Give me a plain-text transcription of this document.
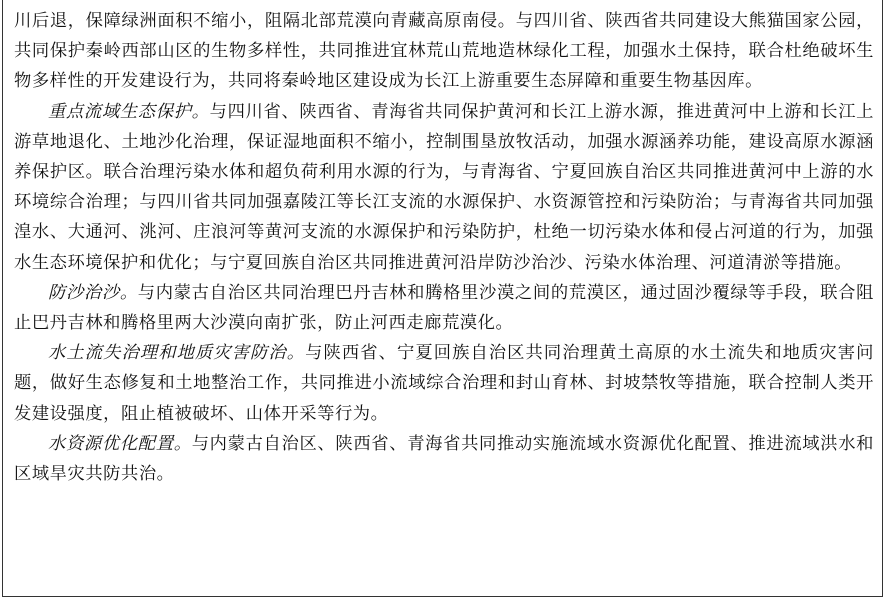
川后退，保障绿洲面积不缩小，阻隔北部荒漠向青藏高原南侵。与四川省、陕西省共同建设大熊猫国家公园，共同保护秦岭西部山区的生物多样性，共同推进宜林荒山荒地造林绿化工程，加强水土保持，联合杜绝破坏生物多样性的开发建设行为，共同将秦岭地区建设成为长江上游重要生态屏障和重要生物基因库。

重点流域生态保护。与四川省、陕西省、青海省共同保护黄河和长江上游水源，推进黄河中上游和长江上游草地退化、土地沙化治理，保证湿地面积不缩小，控制围垦放牧活动，加强水源涵养功能，建设高原水源涵养保护区。联合治理污染水体和超负荷利用水源的行为，与青海省、宁夏回族自治区共同推进黄河中上游的水环境综合治理；与四川省共同加强嘉陵江等长江支流的水源保护、水资源管控和污染防治；与青海省共同加强湟水、大通河、洮河、庄浪河等黄河支流的水源保护和污染防护，杜绝一切污染水体和侵占河道的行为，加强水生态环境保护和优化；与宁夏回族自治区共同推进黄河沿岸防沙治沙、污染水体治理、河道清淤等措施。

防沙治沙。与内蒙古自治区共同治理巴丹吉林和腾格里沙漠之间的荒漠区，通过固沙覆绿等手段，联合阻止巴丹吉林和腾格里两大沙漠向南扩张，防止河西走廊荒漠化。

水土流失治理和地质灾害防治。与陕西省、宁夏回族自治区共同治理黄土高原的水土流失和地质灾害问题，做好生态修复和土地整治工作，共同推进小流域综合治理和封山育林、封坡禁牧等措施，联合控制人类开发建设强度，阻止植被破坏、山体开采等行为。

水资源优化配置。与内蒙古自治区、陕西省、青海省共同推动实施流域水资源优化配置、推进流域洪水和区域旱灾共防共治。
